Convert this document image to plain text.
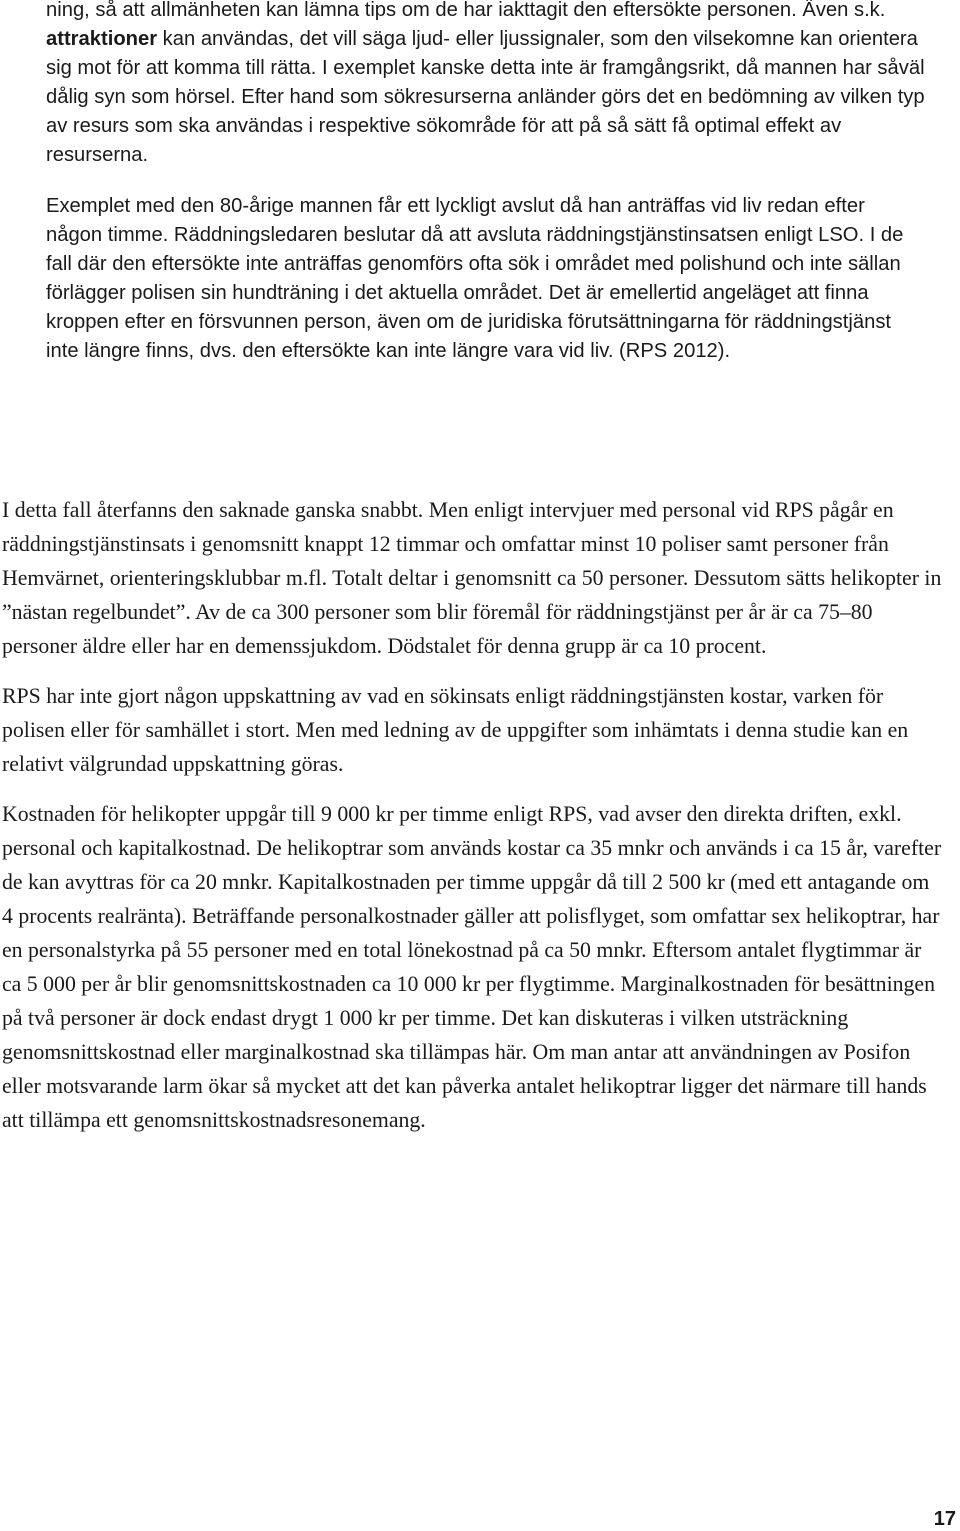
ning, så att allmänheten kan lämna tips om de har iakttagit den eftersökte personen. Även s.k. attraktioner kan användas, det vill säga ljud- eller ljussignaler, som den vilsekomne kan orientera sig mot för att komma till rätta. I exemplet kanske detta inte är framgångsrikt, då mannen har såväl dålig syn som hörsel. Efter hand som sökresurserna anländer görs det en bedömning av vilken typ av resurs som ska användas i respektive sökområde för att på så sätt få optimal effekt av resurserna.

Exemplet med den 80-årige mannen får ett lyckligt avslut då han anträffas vid liv redan efter någon timme. Räddningsledaren beslutar då att avsluta räddningstjänstinsatsen enligt LSO. I de fall där den eftersökte inte anträffas genomförs ofta sök i området med polishund och inte sällan förlägger polisen sin hundträning i det aktuella området. Det är emellertid angeläget att finna kroppen efter en försvunnen person, även om de juridiska förutsättningarna för räddningstjänst inte längre finns, dvs. den eftersökte kan inte längre vara vid liv. (RPS 2012).

I detta fall återfanns den saknade ganska snabbt. Men enligt intervjuer med personal vid RPS pågår en räddningstjänstinsats i genomsnitt knappt 12 timmar och omfattar minst 10 poliser samt personer från Hemvärnet, orienteringsklubbar m.fl. Totalt deltar i genomsnitt ca 50 personer. Dessutom sätts helikopter in ”nästan regelbundet”. Av de ca 300 personer som blir föremål för räddningstjänst per år är ca 75–80 personer äldre eller har en demenssjukdom. Dödstalet för denna grupp är ca 10 procent.

RPS har inte gjort någon uppskattning av vad en sökinsats enligt räddningstjänsten kostar, varken för polisen eller för samhället i stort. Men med ledning av de uppgifter som inhämtats i denna studie kan en relativt välgrundad uppskattning göras.

Kostnaden för helikopter uppgår till 9 000 kr per timme enligt RPS, vad avser den direkta driften, exkl. personal och kapitalkostnad. De helikoptrar som används kostar ca 35 mnkr och används i ca 15 år, varefter de kan avyttras för ca 20 mnkr. Kapitalkostnaden per timme uppgår då till 2 500 kr (med ett antagande om 4 procents realränta). Beträffande personalkostnader gäller att polisflyget, som omfattar sex helikoptrar, har en personalstyrka på 55 personer med en total lönekostnad på ca 50 mnkr. Eftersom antalet flygtimmar är ca 5 000 per år blir genomsnittskostnaden ca 10 000 kr per flygtimme. Marginalkostnaden för besättningen på två personer är dock endast drygt 1 000 kr per timme. Det kan diskuteras i vilken utsträckning genomsnittskostnad eller marginalkostnad ska tillämpas här. Om man antar att användningen av Posifon eller motsvarande larm ökar så mycket att det kan påverka antalet helikoptrar ligger det närmare till hands att tillämpa ett genomsnittskostnadsresonemang.

17
